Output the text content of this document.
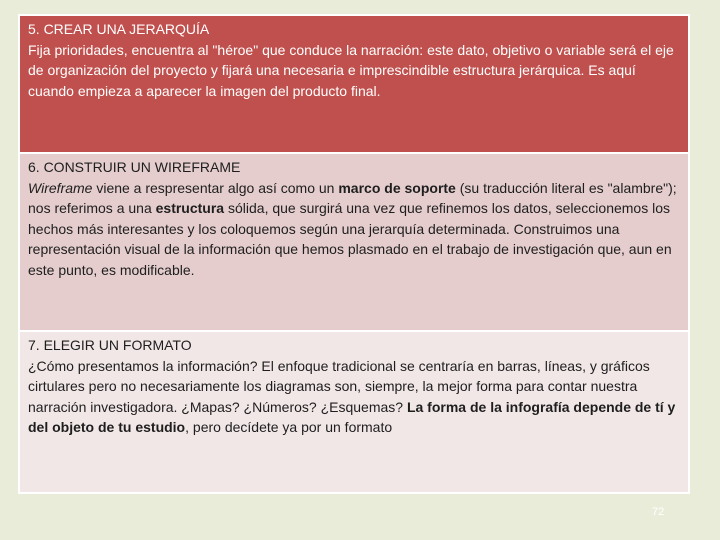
5. CREAR UNA JERARQUÍA
Fija prioridades, encuentra al "héroe" que conduce la narración: este dato, objetivo o variable será el eje de organización del proyecto y fijará una necesaria e imprescindible estructura jerárquica. Es aquí cuando empieza a aparecer la imagen del producto final.
6. CONSTRUIR UN WIREFRAME
Wireframe viene a respresentar algo así como un marco de soporte (su traducción literal es "alambre"); nos referimos a una estructura sólida, que surgirá una vez que refinemos los datos, seleccionemos los hechos más interesantes y los coloquemos según una jerarquía determinada. Construimos una representación visual de la información que hemos plasmado en el trabajo de investigación que, aun en este punto, es modificable.
7. ELEGIR UN FORMATO
¿Cómo presentamos la información? El enfoque tradicional se centraría en barras, líneas, y gráficos cirtulares pero no necesariamente los diagramas son, siempre, la mejor forma para contar nuestra narración investigadora. ¿Mapas? ¿Números? ¿Esquemas? La forma de la infografía depende de tí y del objeto de tu estudio, pero decídete ya por un formato
72
